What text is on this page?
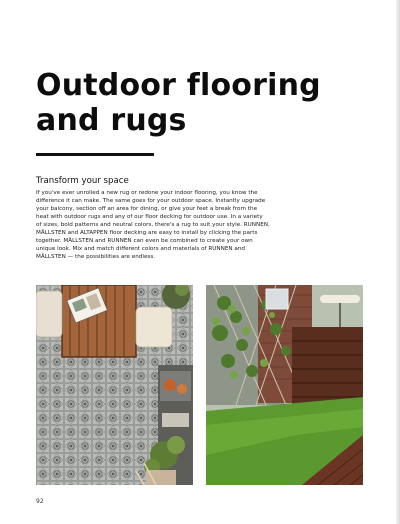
Outdoor flooring
and rugs
Transform your space
If you've ever unrolled a new rug or redone your indoor flooring, you know the
difference it can make. The same goes for your outdoor space. Instantly upgrade
your balcony, section off an area for dining, or give your feet a break from the
heat with outdoor rugs and any of our floor decking for outdoor use. In a variety
of sizes, bold patterns and neutral colors, there's a rug to suit your style. RUNNEN,
MÄLLSTEN and ALTAPPEN floor decking are easy to install by clicking the parts
together. MÄLLSTEN and RUNNEN can even be combined to create your own
unique look. Mix and match different colors and materials of RUNNEN and
MÄLLSTEN — the possibilities are endless.
92
